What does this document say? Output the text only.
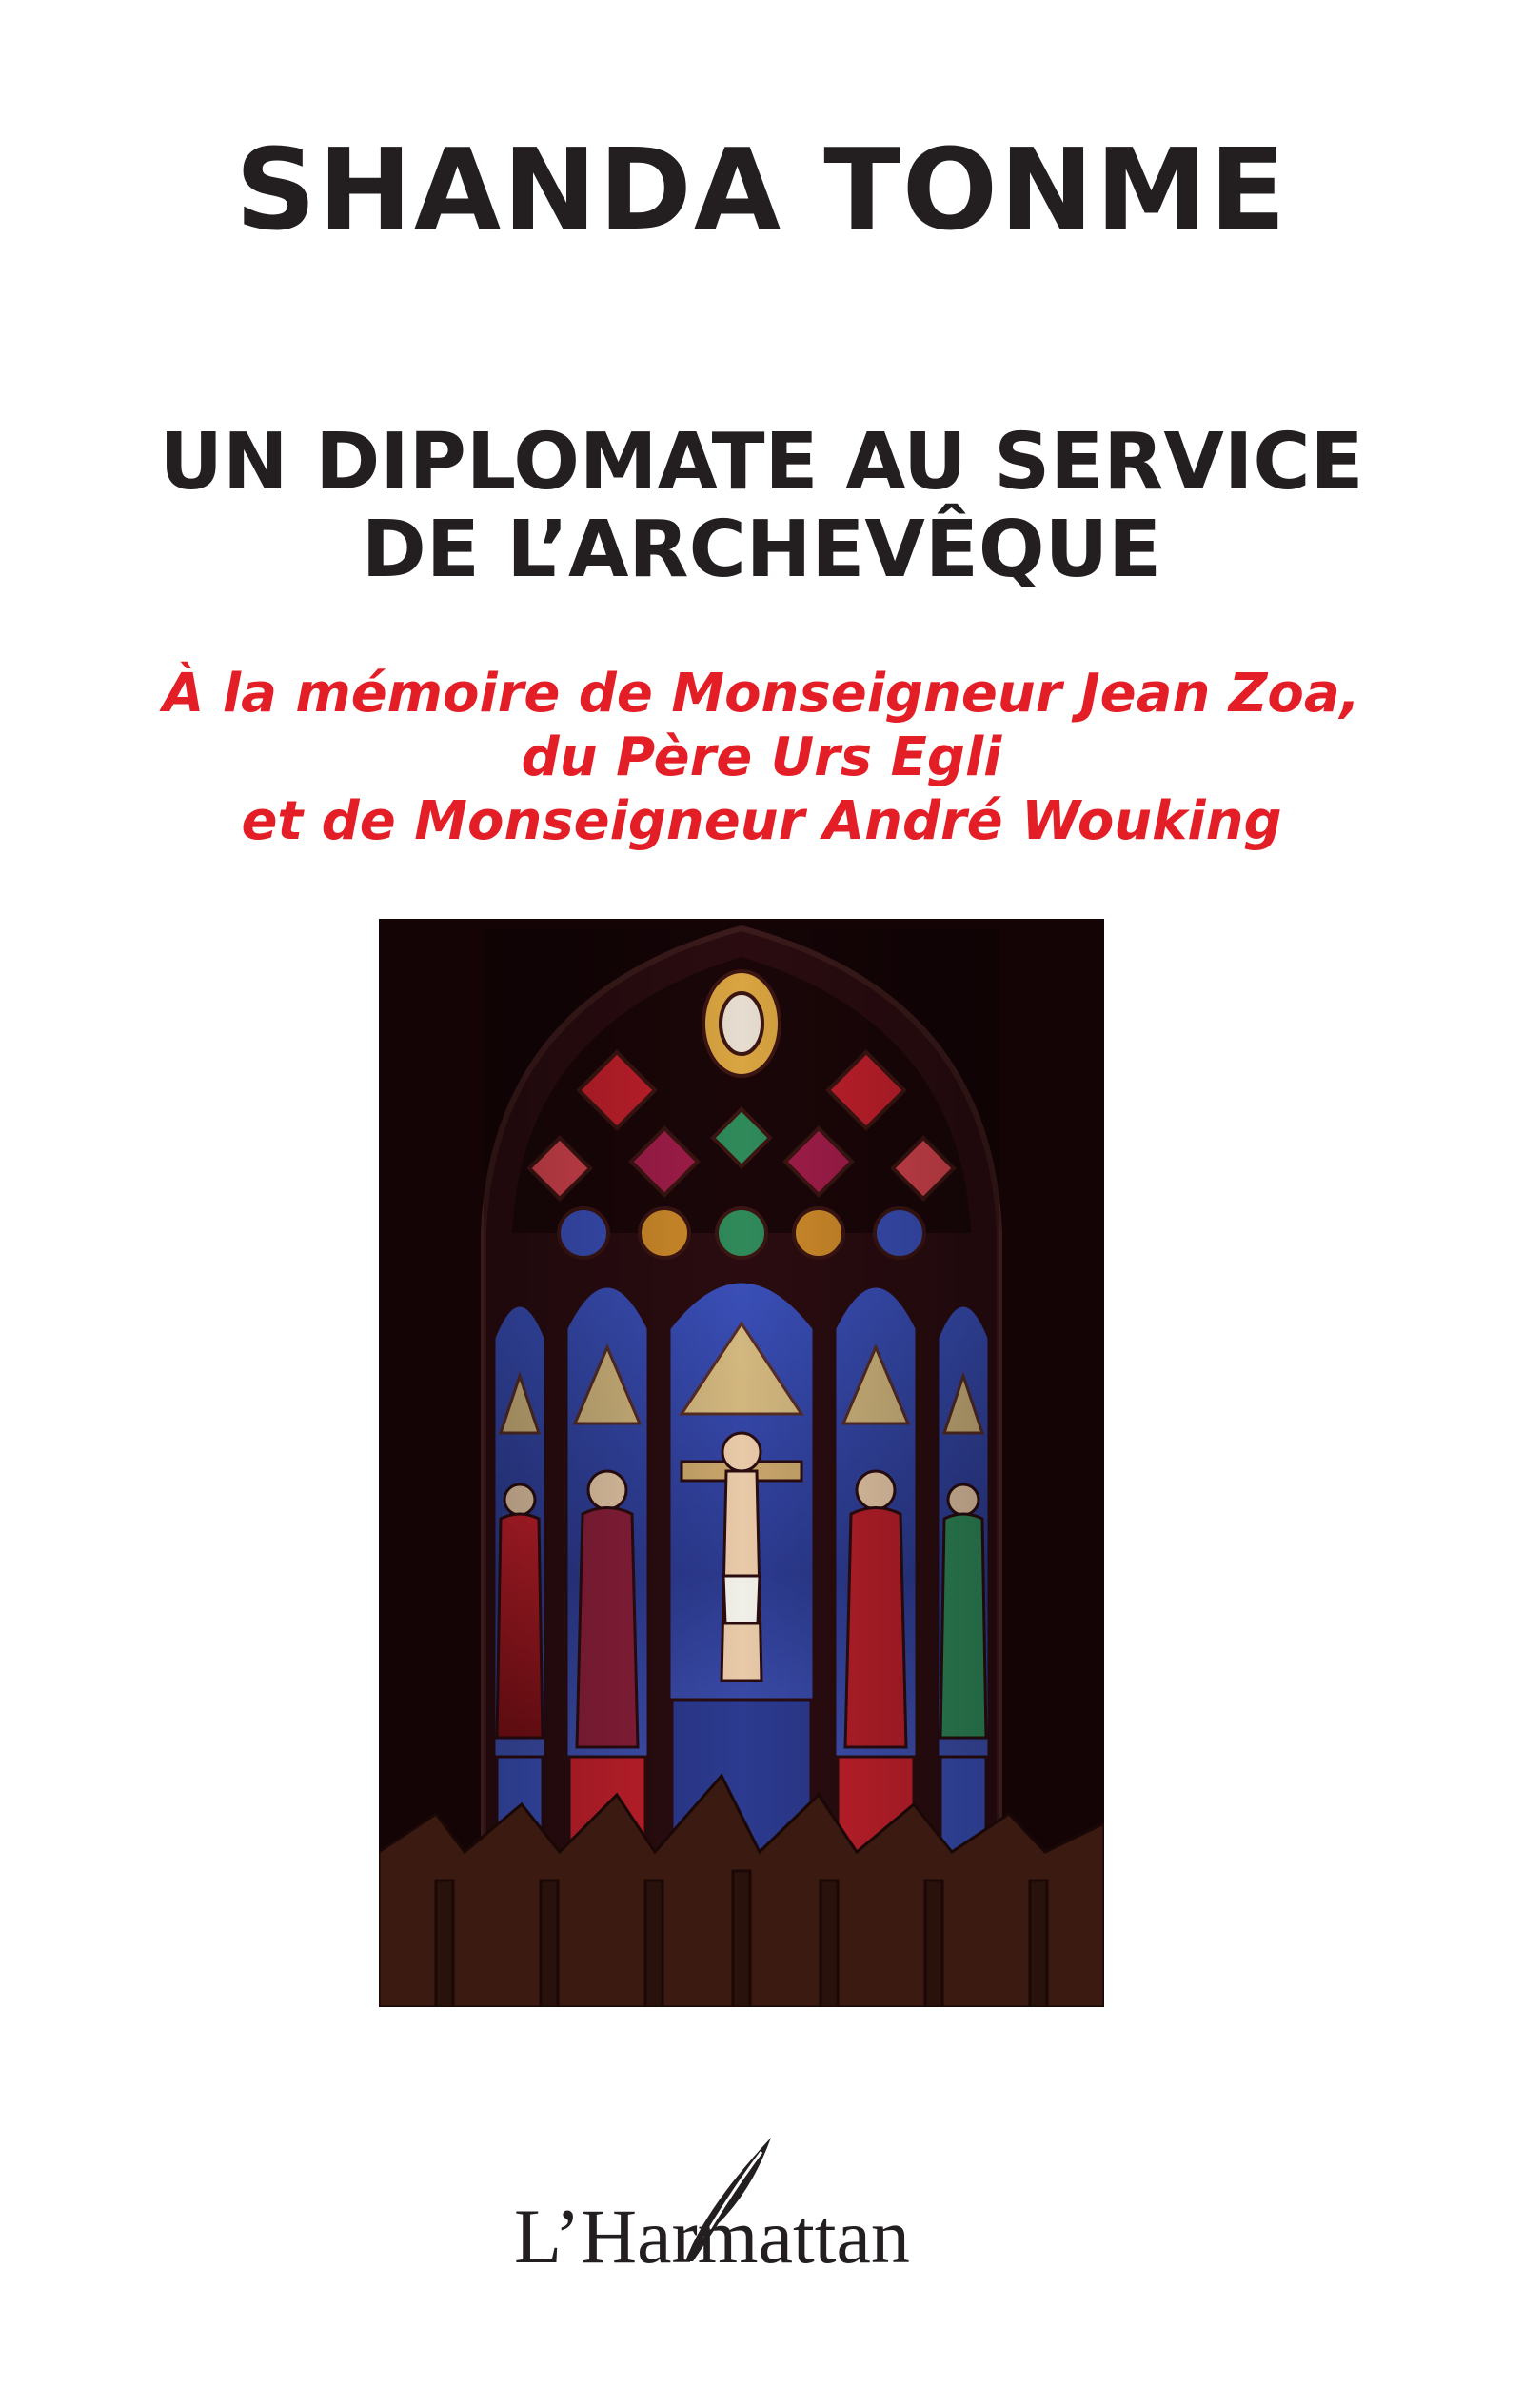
SHANDA TONME
UN DIPLOMATE AU SERVICE
DE L’ARCHEVÊQUE

À la mémoire de Monseigneur Jean Zoa,
du Père Urs Egli
et de Monseigneur André Wouking

L’Harmattan
